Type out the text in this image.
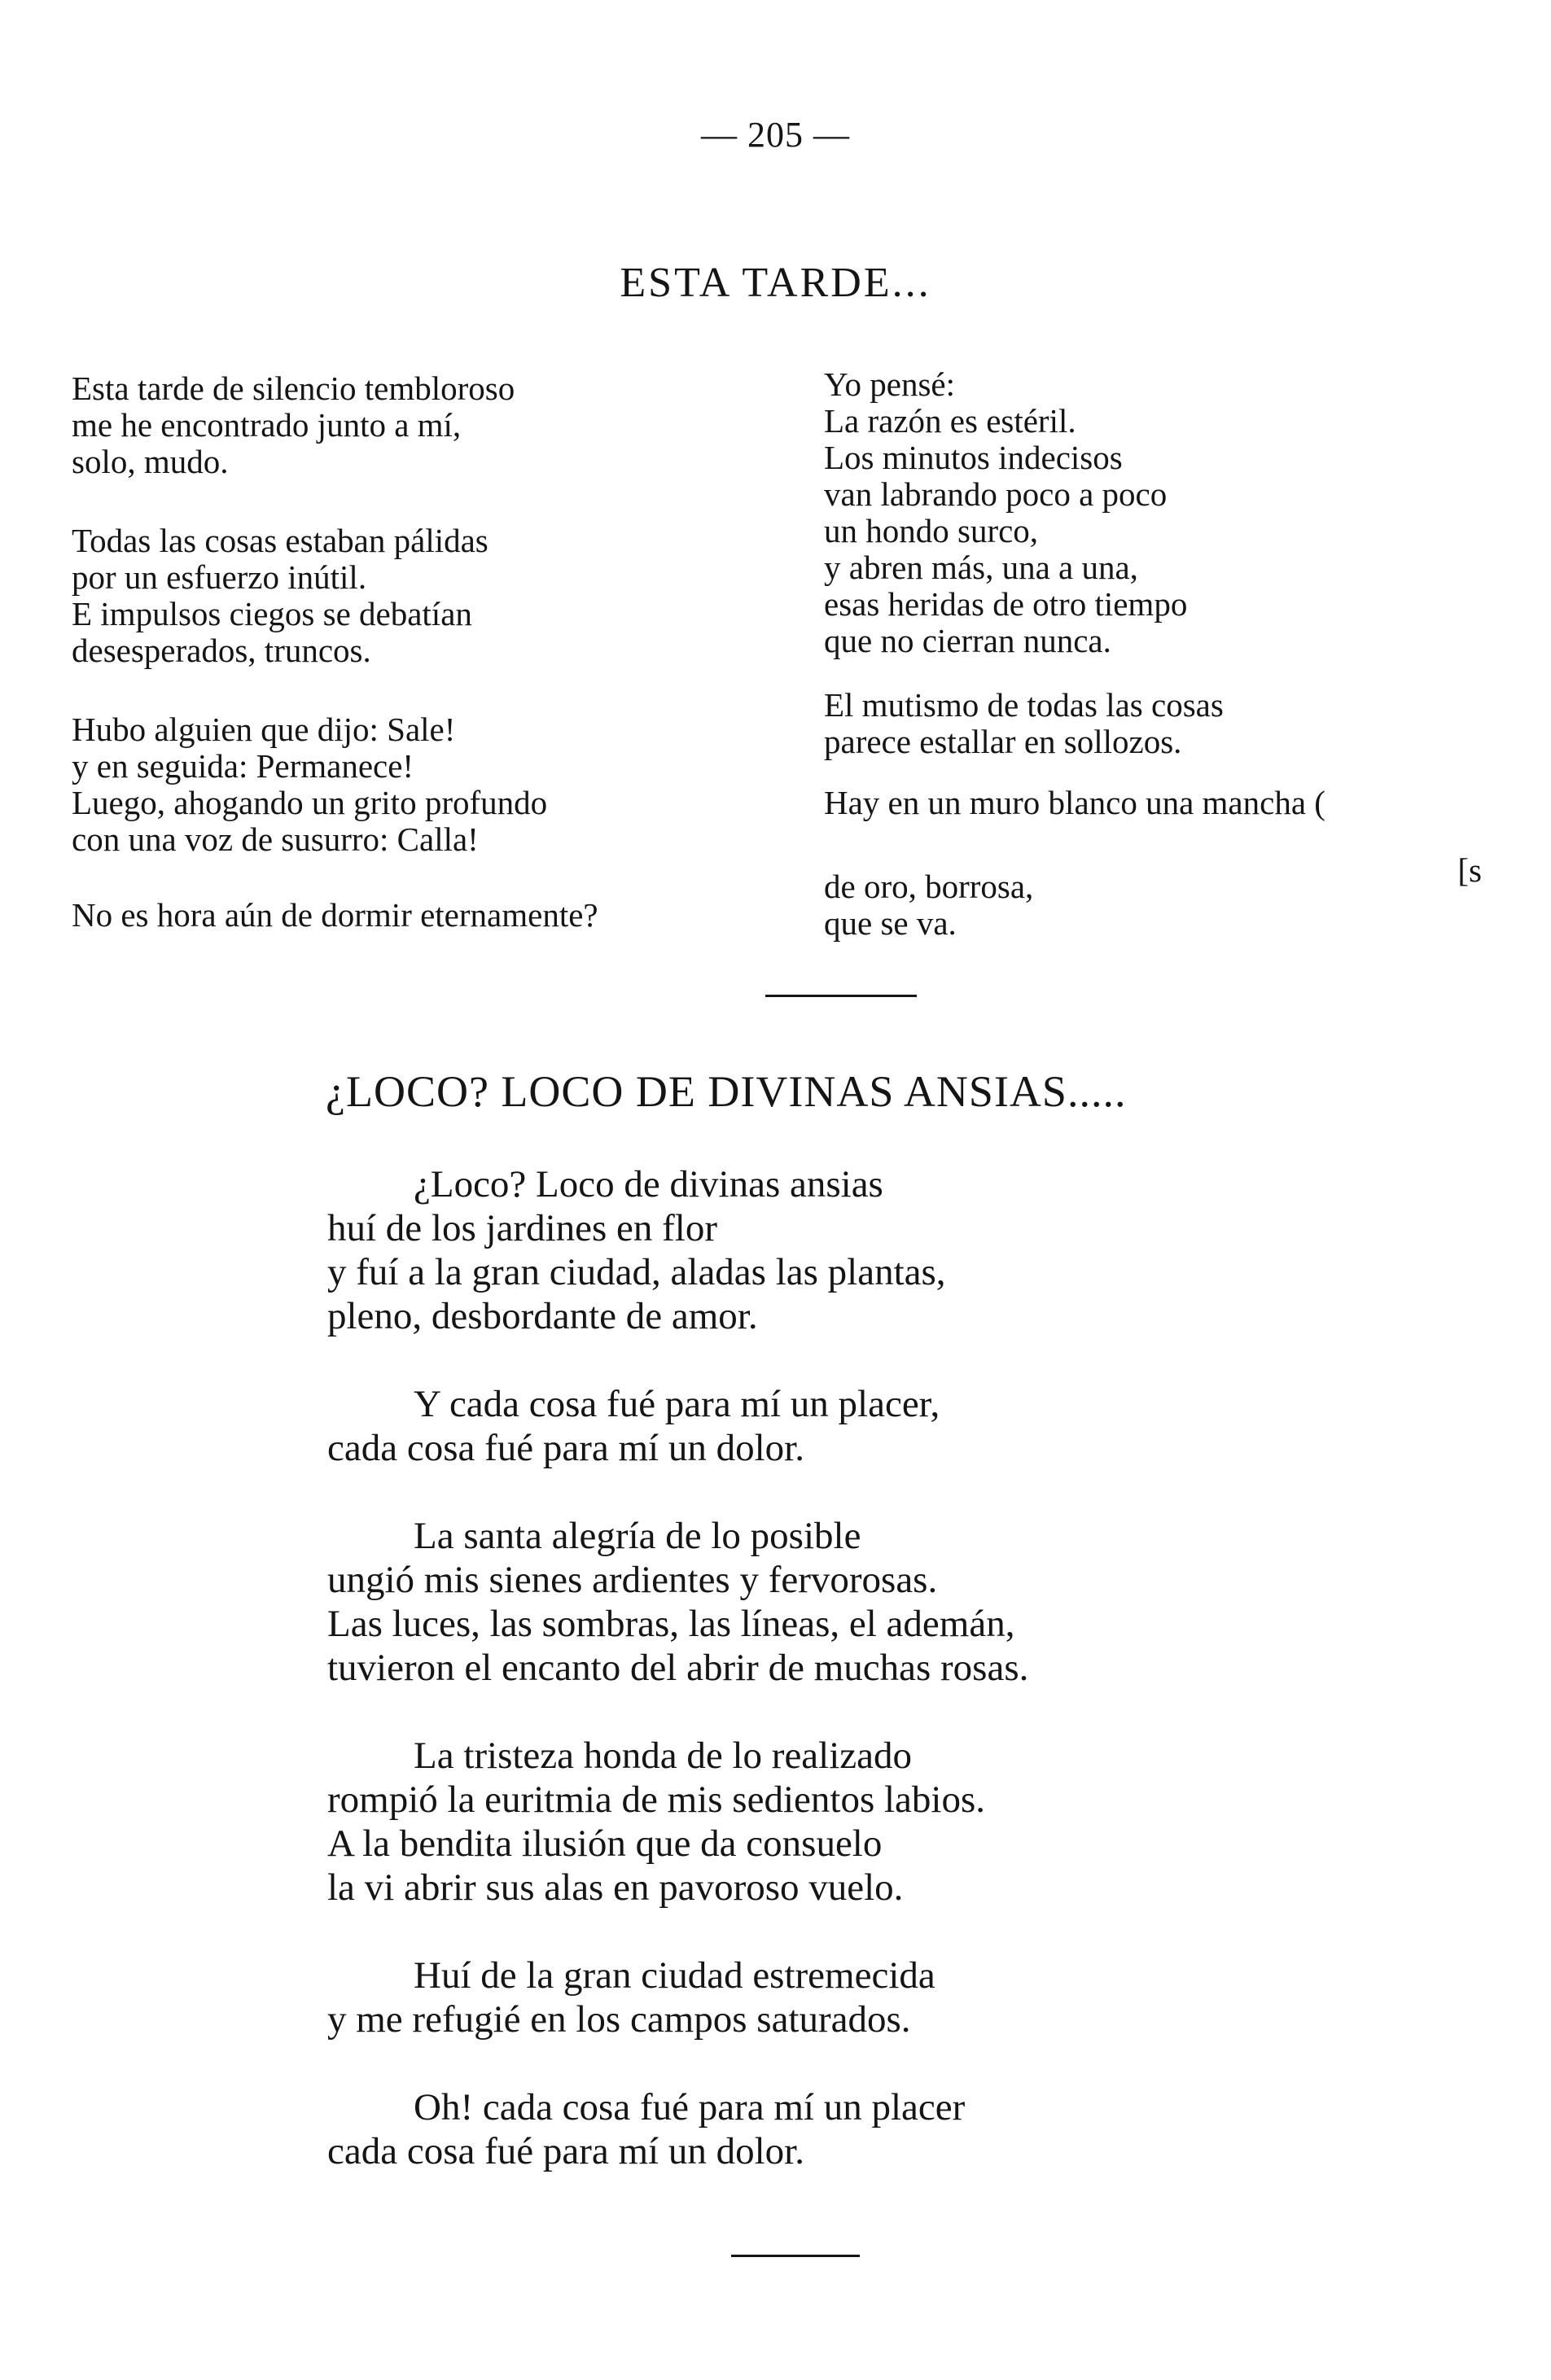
— 205 —
ESTA TARDE...
Esta tarde de silencio tembloroso
me he encontrado junto a mí,
solo, mudo.
Todas las cosas estaban pálidas
por un esfuerzo inútil.
E impulsos ciegos se debatían
desesperados, truncos.
Hubo alguien que dijo: Sale!
y en seguida: Permanece!
Luego, ahogando un grito profundo
con una voz de susurro: Calla!
No es hora aún de dormir eternamente?
Yo pensé:
La razón es estéril.
Los minutos indecisos
van labrando poco a poco
un hondo surco,
y abren más, una a una,
esas heridas de otro tiempo
que no cierran nunca.
El mutismo de todas las cosas
parece estallar en sollozos.
Hay en un muro blanco una mancha (
de oro, borrosa,
que se va.
[s
¿LOCO? LOCO DE DIVINAS ANSIAS.....
¿Loco? Loco de divinas ansias
huí de los jardines en flor
y fuí a la gran ciudad, aladas las plantas,
pleno, desbordante de amor.
Y cada cosa fué para mí un placer,
cada cosa fué para mí un dolor.
La santa alegría de lo posible
ungió mis sienes ardientes y fervorosas.
Las luces, las sombras, las líneas, el ademán,
tuvieron el encanto del abrir de muchas rosas.
La tristeza honda de lo realizado
rompió la euritmia de mis sedientos labios.
A la bendita ilusión que da consuelo
la vi abrir sus alas en pavoroso vuelo.
Huí de la gran ciudad estremecida
y me refugié en los campos saturados.
Oh! cada cosa fué para mí un placer
cada cosa fué para mí un dolor.
